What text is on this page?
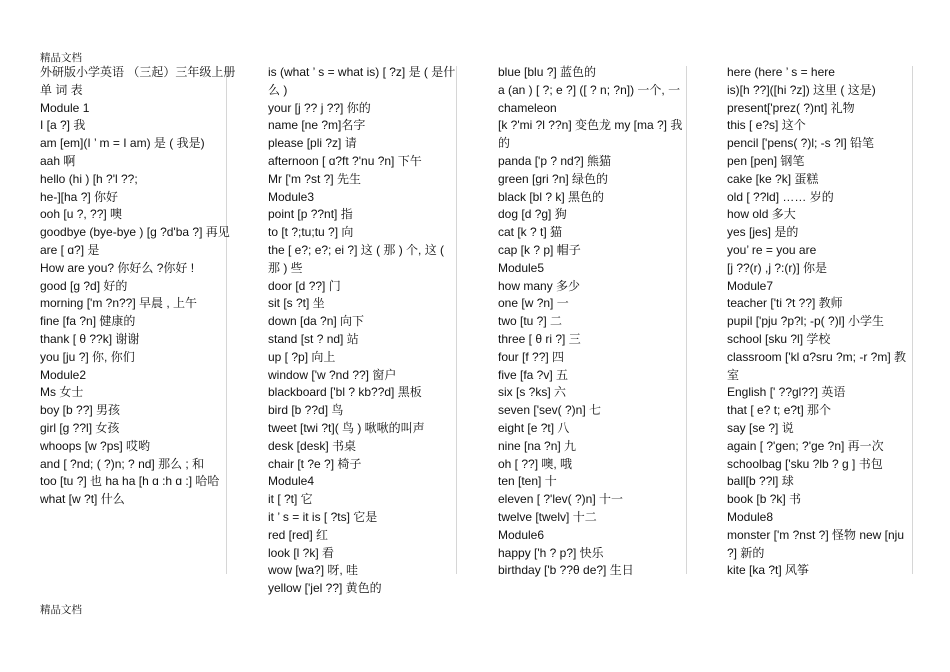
精品文档

外研版小学英语 （三起）三年级上册 单 词 表

Module 1

I [a ?] 我

am [em](I ’ m = I am) 是 ( 我是)

aah 啊

hello (hi ) [h ?'l ??;

he-][ha ?] 你好

ooh [u ?, ??] 噢

goodbye (bye-bye ) [g ?d'ba ?] 再见

are [ ɑ?] 是

How are you? 你好么 ?你好 !

good [g ?d] 好的

morning ['m ?n??] 早晨 , 上午

fine [fa ?n] 健康的

thank [ θ ??k] 谢谢

you [ju ?] 你, 你们

Module2

Ms 女士

boy [b ??] 男孩

girl [g ??l] 女孩

whoops [w ?ps] 哎哟

and [ ?nd; ( ?)n; ? nd] 那么 ; 和

too [tu ?] 也 ha ha [h ɑ :h ɑ :] 哈哈

what [w ?t] 什么

is (what ’ s = what is) [ ?z] 是 ( 是什么 )

your [j ?? j ??] 你的

name [ne ?m]名字

please [pli ?z] 请

afternoon [ ɑ?ft ?'nu ?n] 下午

Mr ['m ?st ?] 先生

Module3

point [p ??nt] 指

to [t ?;tu;tu ?] 向

the [ e?; e?; ei ?] 这 ( 那 ) 个, 这 ( 那 ) 些

door [d ??] 门

sit [s ?t] 坐

down [da ?n] 向下

stand [st ? nd] 站

up [ ?p] 向上

window ['w ?nd ??] 窗户

blackboard ['bl ? kb??d] 黑板

bird [b ??d] 鸟

tweet [twi ?t]( 鸟 ) 啾啾的叫声

desk [desk] 书桌

chair [t ?e ?] 椅子

Module4

it [ ?t] 它

it ’ s = it is [ ?ts] 它是

red [red] 红

look [l ?k] 看

wow [wa?] 呀, 哇

yellow ['jel ??] 黄色的

blue [blu ?] 蓝色的

a (an ) [ ?; e ?] ([ ? n; ?n]) 一个, 一 chameleon

[k ?'mi ?l ??n] 变色龙 my [ma ?] 我的

panda ['p ? nd?] 熊猫

green [gri ?n] 绿色的

black [bl ? k] 黑色的

dog [d ?g] 狗

cat [k ? t] 猫

cap [k ? p] 帽子

Module5

how many 多少

one [w ?n] 一

two [tu ?] 二

three [ θ ri ?] 三

four [f ??] 四

five [fa ?v] 五

six [s ?ks] 六

seven ['sev( ?)n] 七

eight [e ?t] 八

nine [na ?n] 九

oh [ ??] 噢, 哦

ten [ten] 十

eleven [ ?'lev( ?)n] 十一

twelve [twelv] 十二

Module6

happy ['h ? p?] 快乐

birthday ['b ??θ de?] 生日

here (here ’ s = here

is)[h ??]([hi ?z]) 这里 ( 这是)

present['prez( ?)nt] 礼物

this [ e?s] 这个

pencil ['pens( ?)l; -s ?l] 铅笔

pen [pen] 钢笔

cake [ke ?k] 蛋糕

old [ ??ld] …… 岁的

how old 多大

yes [jes] 是的

you’ re = you are

[j ??(r) ,j ?:(r)] 你是

Module7

teacher ['ti ?t ??] 教师

pupil ['pju ?p?l; -p( ?)l] 小学生

school [sku ?l] 学校

classroom ['kl ɑ?sru ?m; -r ?m] 教室

English [' ??gl??] 英语

that [ e? t; e?t] 那个

say [se ?] 说

again [ ?'gen; ?'ge ?n] 再一次

schoolbag ['sku ?lb ? g ] 书包

ball[b ??l] 球

book [b ?k] 书

Module8

monster ['m ?nst ?] 怪物 new [nju ?] 新的

kite [ka ?t] 风筝

精品文档
